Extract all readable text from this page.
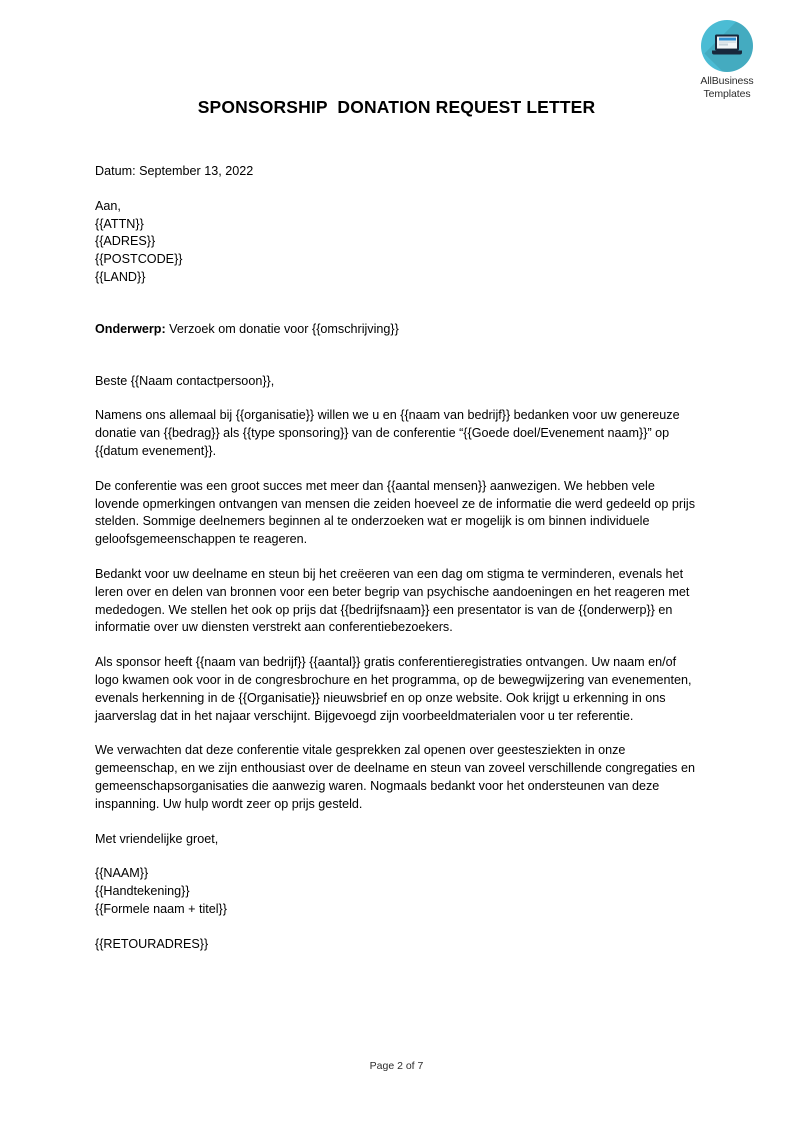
AllBusiness
Templates
SPONSORSHIP  DONATION REQUEST LETTER

Datum: September 13, 2022

Aan,

{{ATTN}}

{{ADRES}}

{{POSTCODE}}

{{LAND}}

Onderwerp: Verzoek om donatie voor {{omschrijving}}

Beste {{Naam contactpersoon}},

Namens ons allemaal bij {{organisatie}} willen we u en {{naam van bedrijf}} bedanken voor uw genereuze donatie van {{bedrag}} als {{type sponsoring}} van de conferentie “{{Goede doel/Evenement naam}}” op {{datum evenement}}.

De conferentie was een groot succes met meer dan {{aantal mensen}} aanwezigen. We hebben vele lovende opmerkingen ontvangen van mensen die zeiden hoeveel ze de informatie die werd gedeeld op prijs stelden. Sommige deelnemers beginnen al te onderzoeken wat er mogelijk is om binnen individuele geloofsgemeenschappen te reageren.

Bedankt voor uw deelname en steun bij het creëeren van een dag om stigma te verminderen, evenals het leren over en delen van bronnen voor een beter begrip van psychische aandoeningen en het reageren met mededogen. We stellen het ook op prijs dat {{bedrijfsnaam}} een presentator is van de {{onderwerp}} en informatie over uw diensten verstrekt aan conferentiebezoekers.

Als sponsor heeft {{naam van bedrijf}} {{aantal}} gratis conferentieregistraties ontvangen. Uw naam en/of logo kwamen ook voor in de congresbrochure en het programma, op de bewegwijzering van evenementen, evenals herkenning in de {{Organisatie}} nieuwsbrief en op onze website. Ook krijgt u erkenning in ons jaarverslag dat in het najaar verschijnt. Bijgevoegd zijn voorbeeldmaterialen voor u ter referentie.

We verwachten dat deze conferentie vitale gesprekken zal openen over geestesziekten in onze gemeenschap, en we zijn enthousiast over de deelname en steun van zoveel verschillende congregaties en gemeenschapsorganisaties die aanwezig waren. Nogmaals bedankt voor het ondersteunen van deze inspanning. Uw hulp wordt zeer op prijs gesteld.

Met vriendelijke groet,

{{NAAM}}

{{Handtekening}}

{{Formele naam + titel}}

{{RETOURADRES}}

Page 2 of 7
